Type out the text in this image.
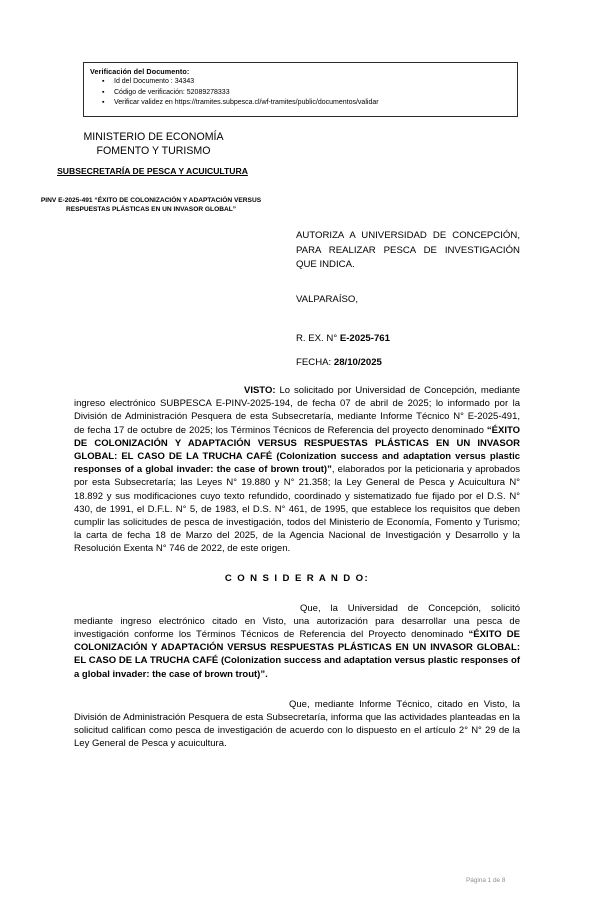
Verificación del Documento:
▪ Id del Documento : 34343
▪ Código de verificación: 52089278333
▪ Verificar validez en https://tramites.subpesca.cl/wf-tramites/public/documentos/validar
MINISTERIO DE ECONOMÍA
FOMENTO Y TURISMO
SUBSECRETARÍA DE PESCA Y ACUICULTURA
PINV E-2025-491 “ÉXITO DE COLONIZACIÓN Y ADAPTACIÓN VERSUS RESPUESTAS PLÁSTICAS EN UN INVASOR GLOBAL”
AUTORIZA A UNIVERSIDAD DE CONCEPCIÓN, PARA REALIZAR PESCA DE INVESTIGACIÓN QUE INDICA.
VALPARAÍSO,
R. EX. N° E-2025-761
FECHA: 28/10/2025

VISTO: Lo solicitado por Universidad de Concepción, mediante ingreso electrónico SUBPESCA E-PINV-2025-194, de fecha 07 de abril de 2025; lo informado por la División de Administración Pesquera de esta Subsecretaría, mediante Informe Técnico N° E-2025-491, de fecha 17 de octubre de 2025; los Términos Técnicos de Referencia del proyecto denominado “ÉXITO DE COLONIZACIÓN Y ADAPTACIÓN VERSUS RESPUESTAS PLÁSTICAS EN UN INVASOR GLOBAL: EL CASO DE LA TRUCHA CAFÉ (Colonization success and adaptation versus plastic responses of a global invader: the case of brown trout)”, elaborados por la peticionaria y aprobados por esta Subsecretaría; las Leyes N° 19.880 y N° 21.358; la Ley General de Pesca y Acuicultura N° 18.892 y sus modificaciones cuyo texto refundido, coordinado y sistematizado fue fijado por el D.S. N° 430, de 1991, el D.F.L. N° 5, de 1983, el D.S. N° 461, de 1995, que establece los requisitos que deben cumplir las solicitudes de pesca de investigación, todos del Ministerio de Economía, Fomento y Turismo; la carta de fecha 18 de Marzo del 2025, de la Agencia Nacional de Investigación y Desarrollo y la Resolución Exenta N° 746 de 2022, de este origen.

C O N S I D E R A N D O:

Que, la Universidad de Concepción, solicitó mediante ingreso electrónico citado en Visto, una autorización para desarrollar una pesca de investigación conforme los Términos Técnicos de Referencia del Proyecto denominado “ÉXITO DE COLONIZACIÓN Y ADAPTACIÓN VERSUS RESPUESTAS PLÁSTICAS EN UN INVASOR GLOBAL: EL CASO DE LA TRUCHA CAFÉ (Colonization success and adaptation versus plastic responses of a global invader: the case of brown trout)”.

Que, mediante Informe Técnico, citado en Visto, la División de Administración Pesquera de esta Subsecretaría, informa que las actividades planteadas en la solicitud califican como pesca de investigación de acuerdo con lo dispuesto en el artículo 2° N° 29 de la Ley General de Pesca y acuicultura.

Página 1 de 8
